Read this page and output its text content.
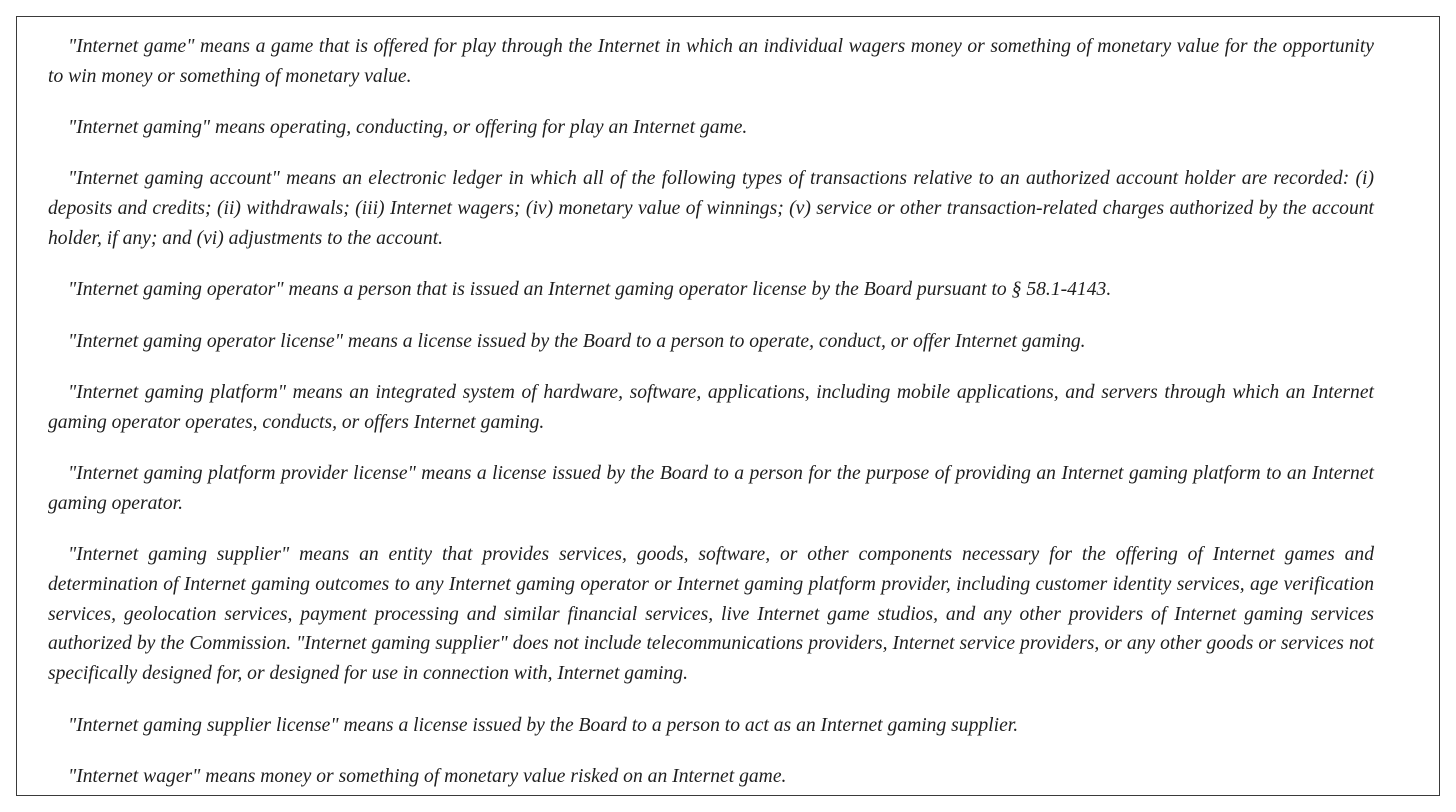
"Internet game" means a game that is offered for play through the Internet in which an individual wagers money or something of monetary value for the opportunity to win money or something of monetary value.

"Internet gaming" means operating, conducting, or offering for play an Internet game.

"Internet gaming account" means an electronic ledger in which all of the following types of transactions relative to an authorized account holder are recorded: (i) deposits and credits; (ii) withdrawals; (iii) Internet wagers; (iv) monetary value of winnings; (v) service or other transaction-related charges authorized by the account holder, if any; and (vi) adjustments to the account.

"Internet gaming operator" means a person that is issued an Internet gaming operator license by the Board pursuant to § 58.1-4143.

"Internet gaming operator license" means a license issued by the Board to a person to operate, conduct, or offer Internet gaming.

"Internet gaming platform" means an integrated system of hardware, software, applications, including mobile applications, and servers through which an Internet gaming operator operates, conducts, or offers Internet gaming.

"Internet gaming platform provider license" means a license issued by the Board to a person for the purpose of providing an Internet gaming platform to an Internet gaming operator.

"Internet gaming supplier" means an entity that provides services, goods, software, or other components necessary for the offering of Internet games and determination of Internet gaming outcomes to any Internet gaming operator or Internet gaming platform provider, including customer identity services, age verification services, geolocation services, payment processing and similar financial services, live Internet game studios, and any other providers of Internet gaming services authorized by the Commission. "Internet gaming supplier" does not include telecommunications providers, Internet service providers, or any other goods or services not specifically designed for, or designed for use in connection with, Internet gaming.

"Internet gaming supplier license" means a license issued by the Board to a person to act as an Internet gaming supplier.

"Internet wager" means money or something of monetary value risked on an Internet game.
